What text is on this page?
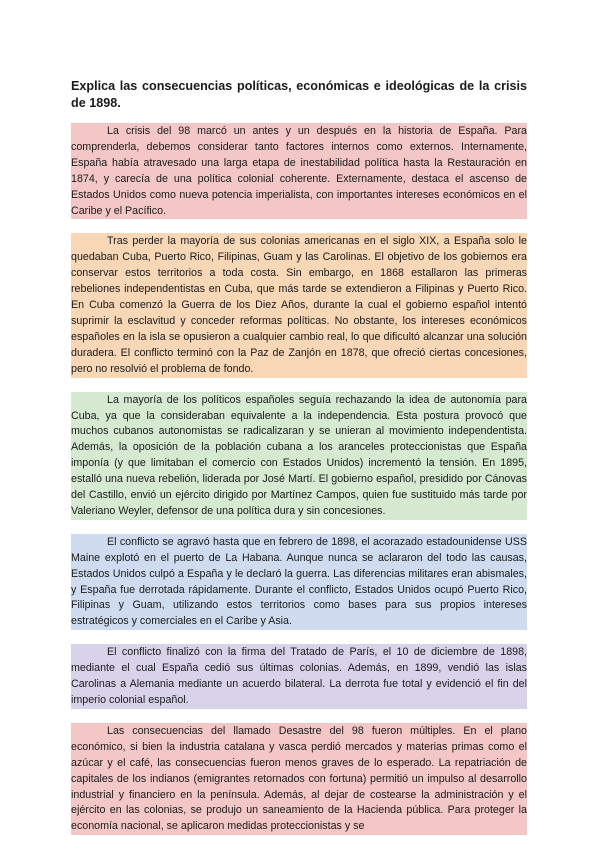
Explica las consecuencias políticas, económicas e ideológicas de la crisis de 1898.

La crisis del 98 marcó un antes y un después en la historia de España. Para comprenderla, debemos considerar tanto factores internos como externos. Internamente, España había atravesado una larga etapa de inestabilidad política hasta la Restauración en 1874, y carecía de una política colonial coherente. Externamente, destaca el ascenso de Estados Unidos como nueva potencia imperialista, con importantes intereses económicos en el Caribe y el Pacífico.

Tras perder la mayoría de sus colonias americanas en el siglo XIX, a España solo le quedaban Cuba, Puerto Rico, Filipinas, Guam y las Carolinas. El objetivo de los gobiernos era conservar estos territorios a toda costa. Sin embargo, en 1868 estallaron las primeras rebeliones independentistas en Cuba, que más tarde se extendieron a Filipinas y Puerto Rico. En Cuba comenzó la Guerra de los Diez Años, durante la cual el gobierno español intentó suprimir la esclavitud y conceder reformas políticas. No obstante, los intereses económicos españoles en la isla se opusieron a cualquier cambio real, lo que dificultó alcanzar una solución duradera. El conflicto terminó con la Paz de Zanjón en 1878, que ofreció ciertas concesiones, pero no resolvió el problema de fondo.

La mayoría de los políticos españoles seguía rechazando la idea de autonomía para Cuba, ya que la consideraban equivalente a la independencia. Esta postura provocó que muchos cubanos autonomistas se radicalizaran y se unieran al movimiento independentista. Además, la oposición de la población cubana a los aranceles proteccionistas que España imponía (y que limitaban el comercio con Estados Unidos) incrementó la tensión. En 1895, estalló una nueva rebelión, liderada por José Martí. El gobierno español, presidido por Cánovas del Castillo, envió un ejército dirigido por Martínez Campos, quien fue sustituido más tarde por Valeriano Weyler, defensor de una política dura y sin concesiones.

El conflicto se agravó hasta que en febrero de 1898, el acorazado estadounidense USS Maine explotó en el puerto de La Habana. Aunque nunca se aclararon del todo las causas, Estados Unidos culpó a España y le declaró la guerra. Las diferencias militares eran abismales, y España fue derrotada rápidamente. Durante el conflicto, Estados Unidos ocupó Puerto Rico, Filipinas y Guam, utilizando estos territorios como bases para sus propios intereses estratégicos y comerciales en el Caribe y Asia.

El conflicto finalizó con la firma del Tratado de París, el 10 de diciembre de 1898, mediante el cual España cedió sus últimas colonias. Además, en 1899, vendió las islas Carolinas a Alemania mediante un acuerdo bilateral. La derrota fue total y evidenció el fin del imperio colonial español.

Las consecuencias del llamado Desastre del 98 fueron múltiples. En el plano económico, si bien la industria catalana y vasca perdió mercados y materias primas como el azúcar y el café, las consecuencias fueron menos graves de lo esperado. La repatriación de capitales de los indianos (emigrantes retornados con fortuna) permitió un impulso al desarrollo industrial y financiero en la península. Además, al dejar de costearse la administración y el ejército en las colonias, se produjo un saneamiento de la Hacienda pública. Para proteger la economía nacional, se aplicaron medidas proteccionistas y se
